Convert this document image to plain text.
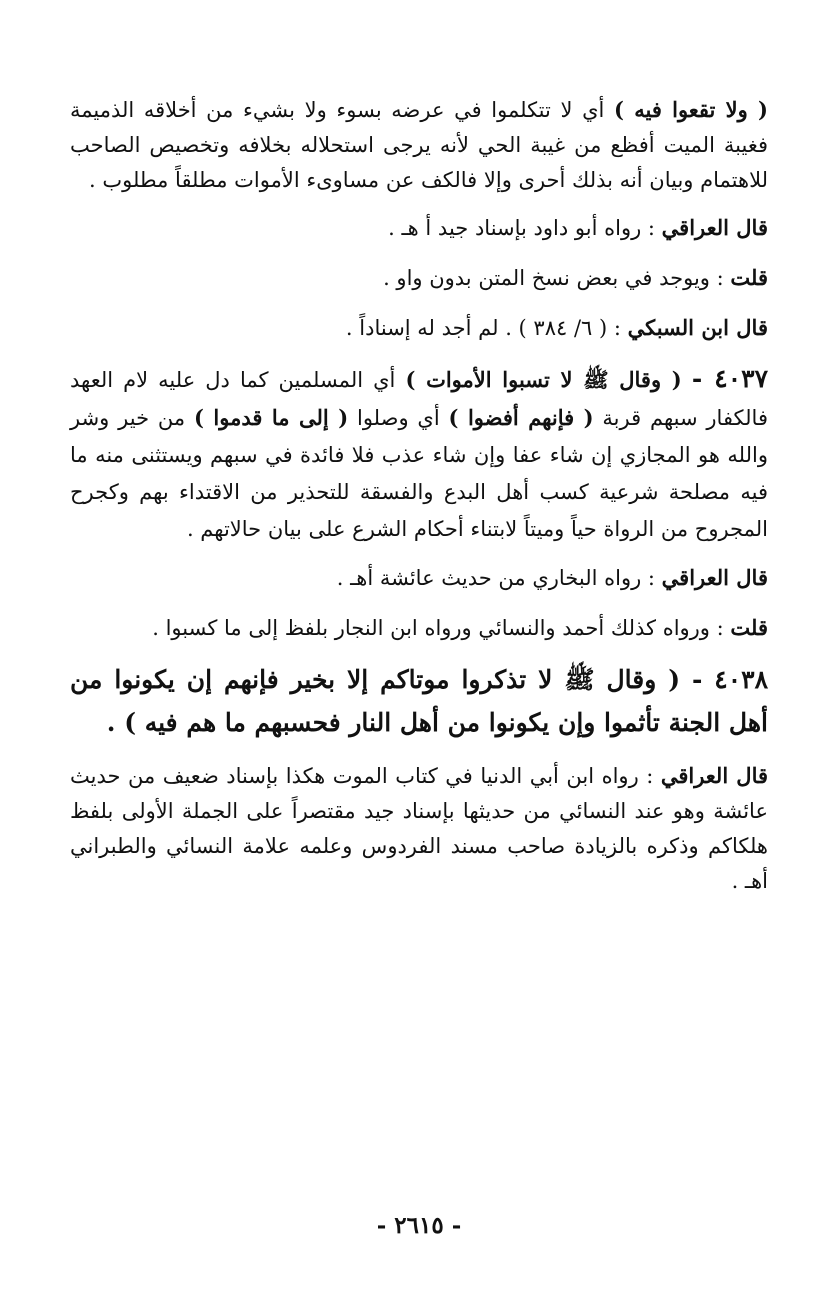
( ولا تقعوا فيه ) أي لا تتكلموا في عرضه بسوء ولا بشيء من أخلاقه الذميمة فغيبة الميت أفظع من غيبة الحي لأنه يرجى استحلاله بخلافه وتخصيص الصاحب للاهتمام وبيان أنه بذلك أحرى وإلا فالكف عن مساوىء الأموات مطلقاً مطلوب .

قال العراقي : رواه أبو داود بإسناد جيد أ هـ .

قلت : ويوجد في بعض نسخ المتن بدون واو .

قال ابن السبكي : ( ٦/ ٣٨٤ ) . لم أجد له إسناداً .

٤٠٣٧ - ( وقال ﷺ لا تسبوا الأموات ) أي المسلمين كما دل عليه لام العهد فالكفار سبهم قربة ( فإنهم أفضوا ) أي وصلوا ( إلى ما قدموا ) من خير وشر والله هو المجازي إن شاء عفا وإن شاء عذب فلا فائدة في سبهم ويستثنى منه ما فيه مصلحة شرعية كسب أهل البدع والفسقة للتحذير من الاقتداء بهم وكجرح المجروح من الرواة حياً وميتاً لابتناء أحكام الشرع على بيان حالاتهم .

قال العراقي : رواه البخاري من حديث عائشة أهـ .

قلت : ورواه كذلك أحمد والنسائي ورواه ابن النجار بلفظ إلى ما كسبوا .

٤٠٣٨ - ( وقال ﷺ لا تذكروا موتاكم إلا بخير فإنهم إن يكونوا من أهل الجنة تأثموا وإن يكونوا من أهل النار فحسبهم ما هم فيه ) .

قال العراقي : رواه ابن أبي الدنيا في كتاب الموت هكذا بإسناد ضعيف من حديث عائشة وهو عند النسائي من حديثها بإسناد جيد مقتصراً على الجملة الأولى بلفظ هلكاكم وذكره بالزيادة صاحب مسند الفردوس وعلمه علامة النسائي والطبراني أهـ .

- ٢٦١٥ -
